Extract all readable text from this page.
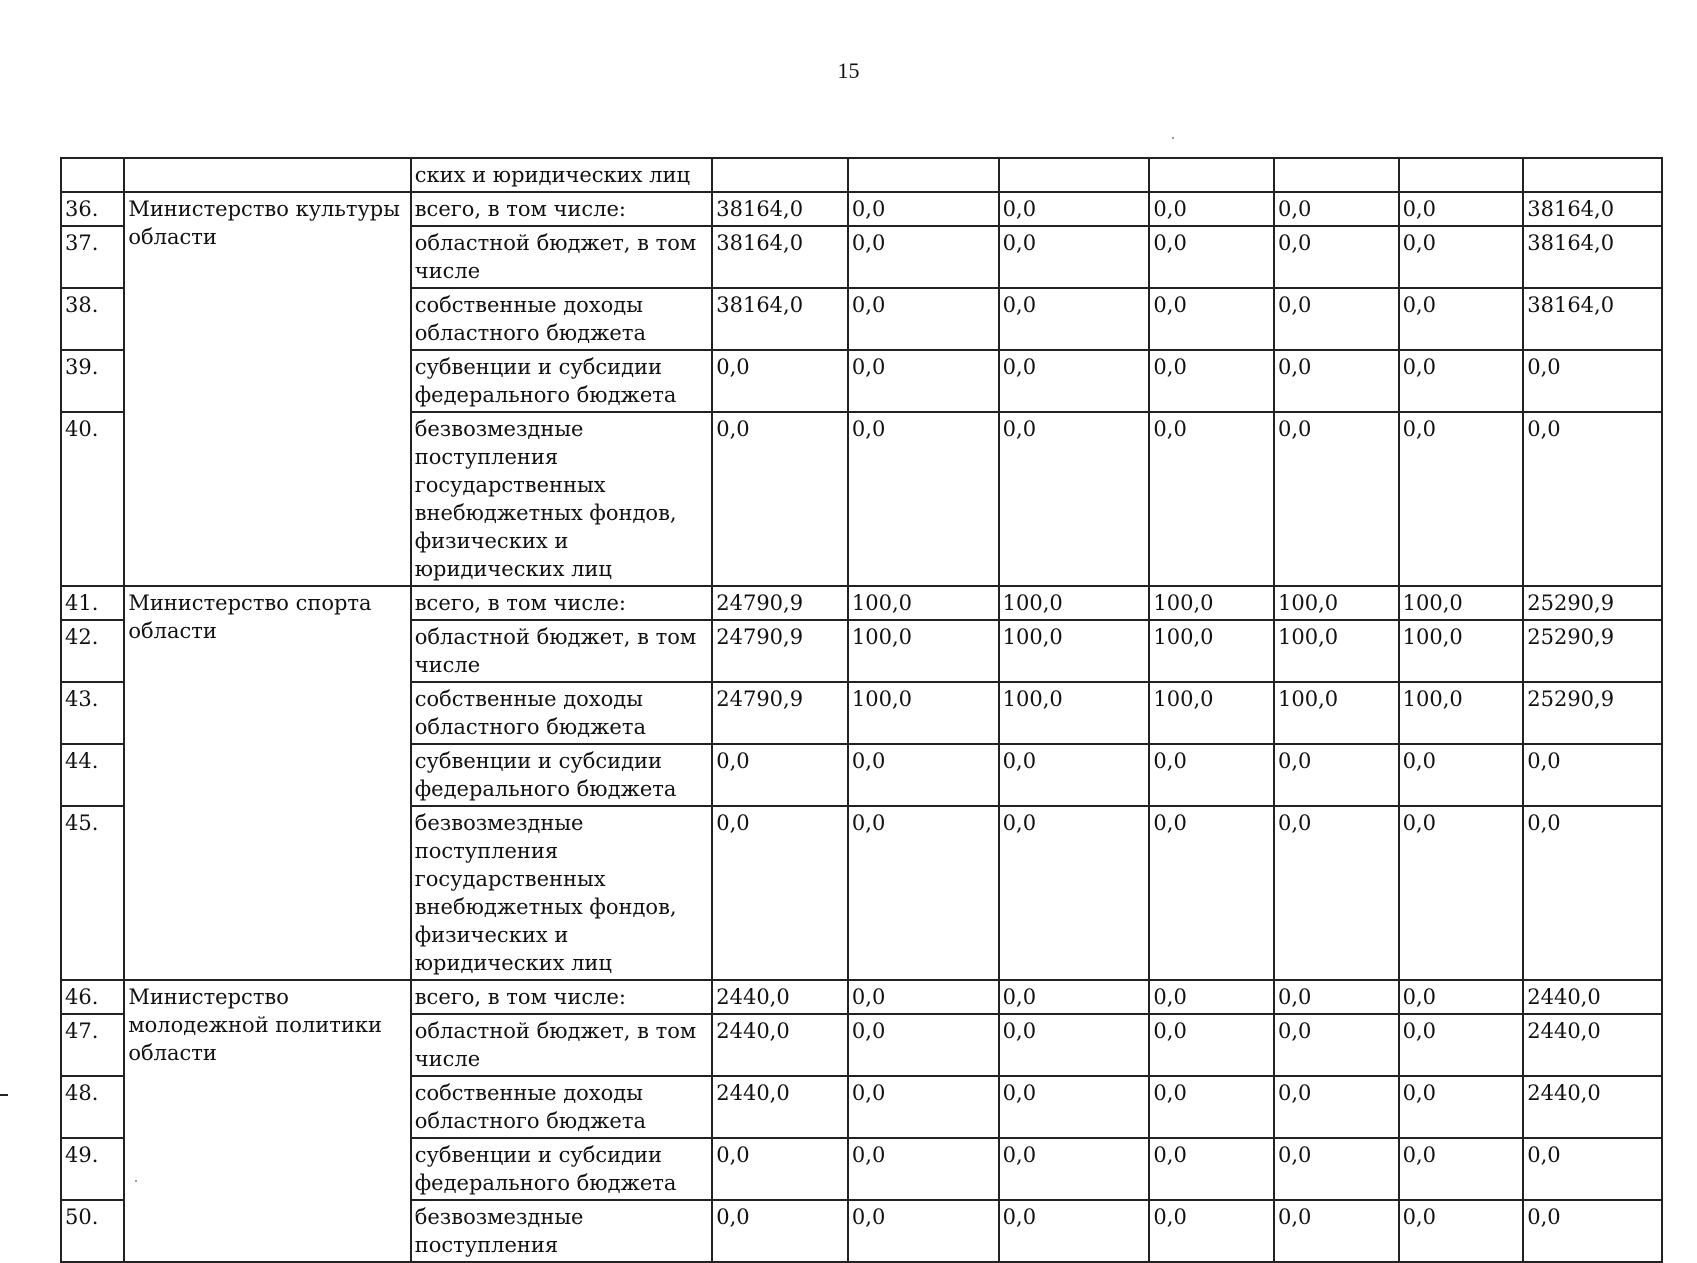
15
		ских и юридических лиц							
36.	Министерство культуры области	всего, в том числе:	38164,0	0,0	0,0	0,0	0,0	0,0	38164,0
37.		областной бюджет, в том числе	38164,0	0,0	0,0	0,0	0,0	0,0	38164,0
38.		собственные доходы областного бюджета	38164,0	0,0	0,0	0,0	0,0	0,0	38164,0
39.		субвенции и субсидии федерального бюджета	0,0	0,0	0,0	0,0	0,0	0,0	0,0
40.		безвозмездные поступления государственных внебюджетных фондов, физических и юридических лиц	0,0	0,0	0,0	0,0	0,0	0,0	0,0
41.	Министерство спорта области	всего, в том числе:	24790,9	100,0	100,0	100,0	100,0	100,0	25290,9
42.		областной бюджет, в том числе	24790,9	100,0	100,0	100,0	100,0	100,0	25290,9
43.		собственные доходы областного бюджета	24790,9	100,0	100,0	100,0	100,0	100,0	25290,9
44.		субвенции и субсидии федерального бюджета	0,0	0,0	0,0	0,0	0,0	0,0	0,0
45.		безвозмездные поступления государственных внебюджетных фондов, физических и юридических лиц	0,0	0,0	0,0	0,0	0,0	0,0	0,0
46.	Министерство молодежной политики области	всего, в том числе:	2440,0	0,0	0,0	0,0	0,0	0,0	2440,0
47.		областной бюджет, в том числе	2440,0	0,0	0,0	0,0	0,0	0,0	2440,0
48.		собственные доходы областного бюджета	2440,0	0,0	0,0	0,0	0,0	0,0	2440,0
49.		субвенции и субсидии федерального бюджета	0,0	0,0	0,0	0,0	0,0	0,0	0,0
50.		безвозмездные поступления	0,0	0,0	0,0	0,0	0,0	0,0	0,0
